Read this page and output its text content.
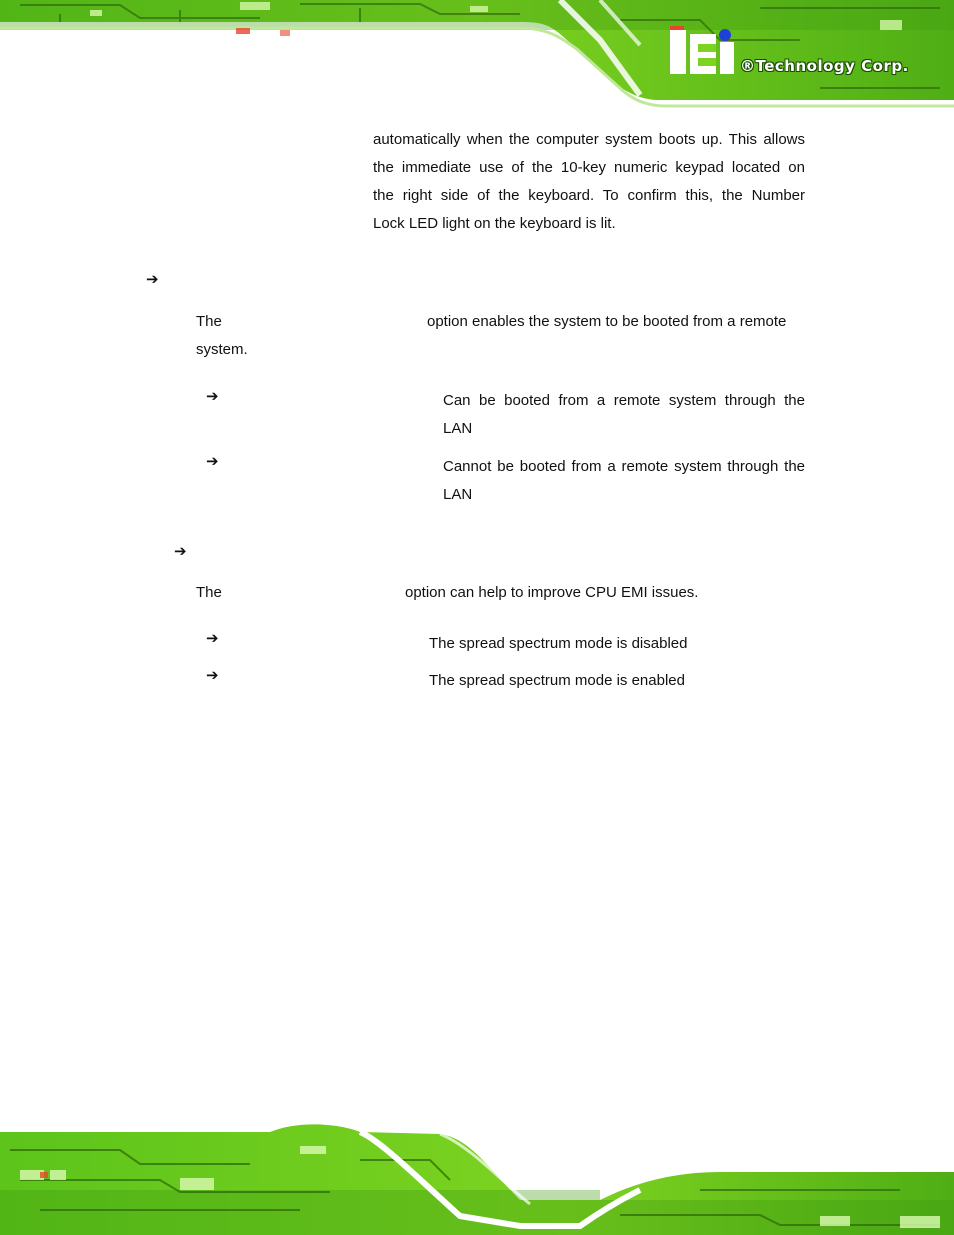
®Technology Corp.
automatically when the computer system boots up. This allows
the immediate use of the 10-key numeric keypad located on
the right side of the keyboard. To confirm this, the Number
Lock LED light on the keyboard is lit.
➔
The	option enables the system to be booted from a remote
system.
➔	Can be booted from a remote system through the
LAN
➔	Cannot be booted from a remote system through the
LAN
➔
The	option can help to improve CPU EMI issues.
➔	The spread spectrum mode is disabled
➔	The spread spectrum mode is enabled
